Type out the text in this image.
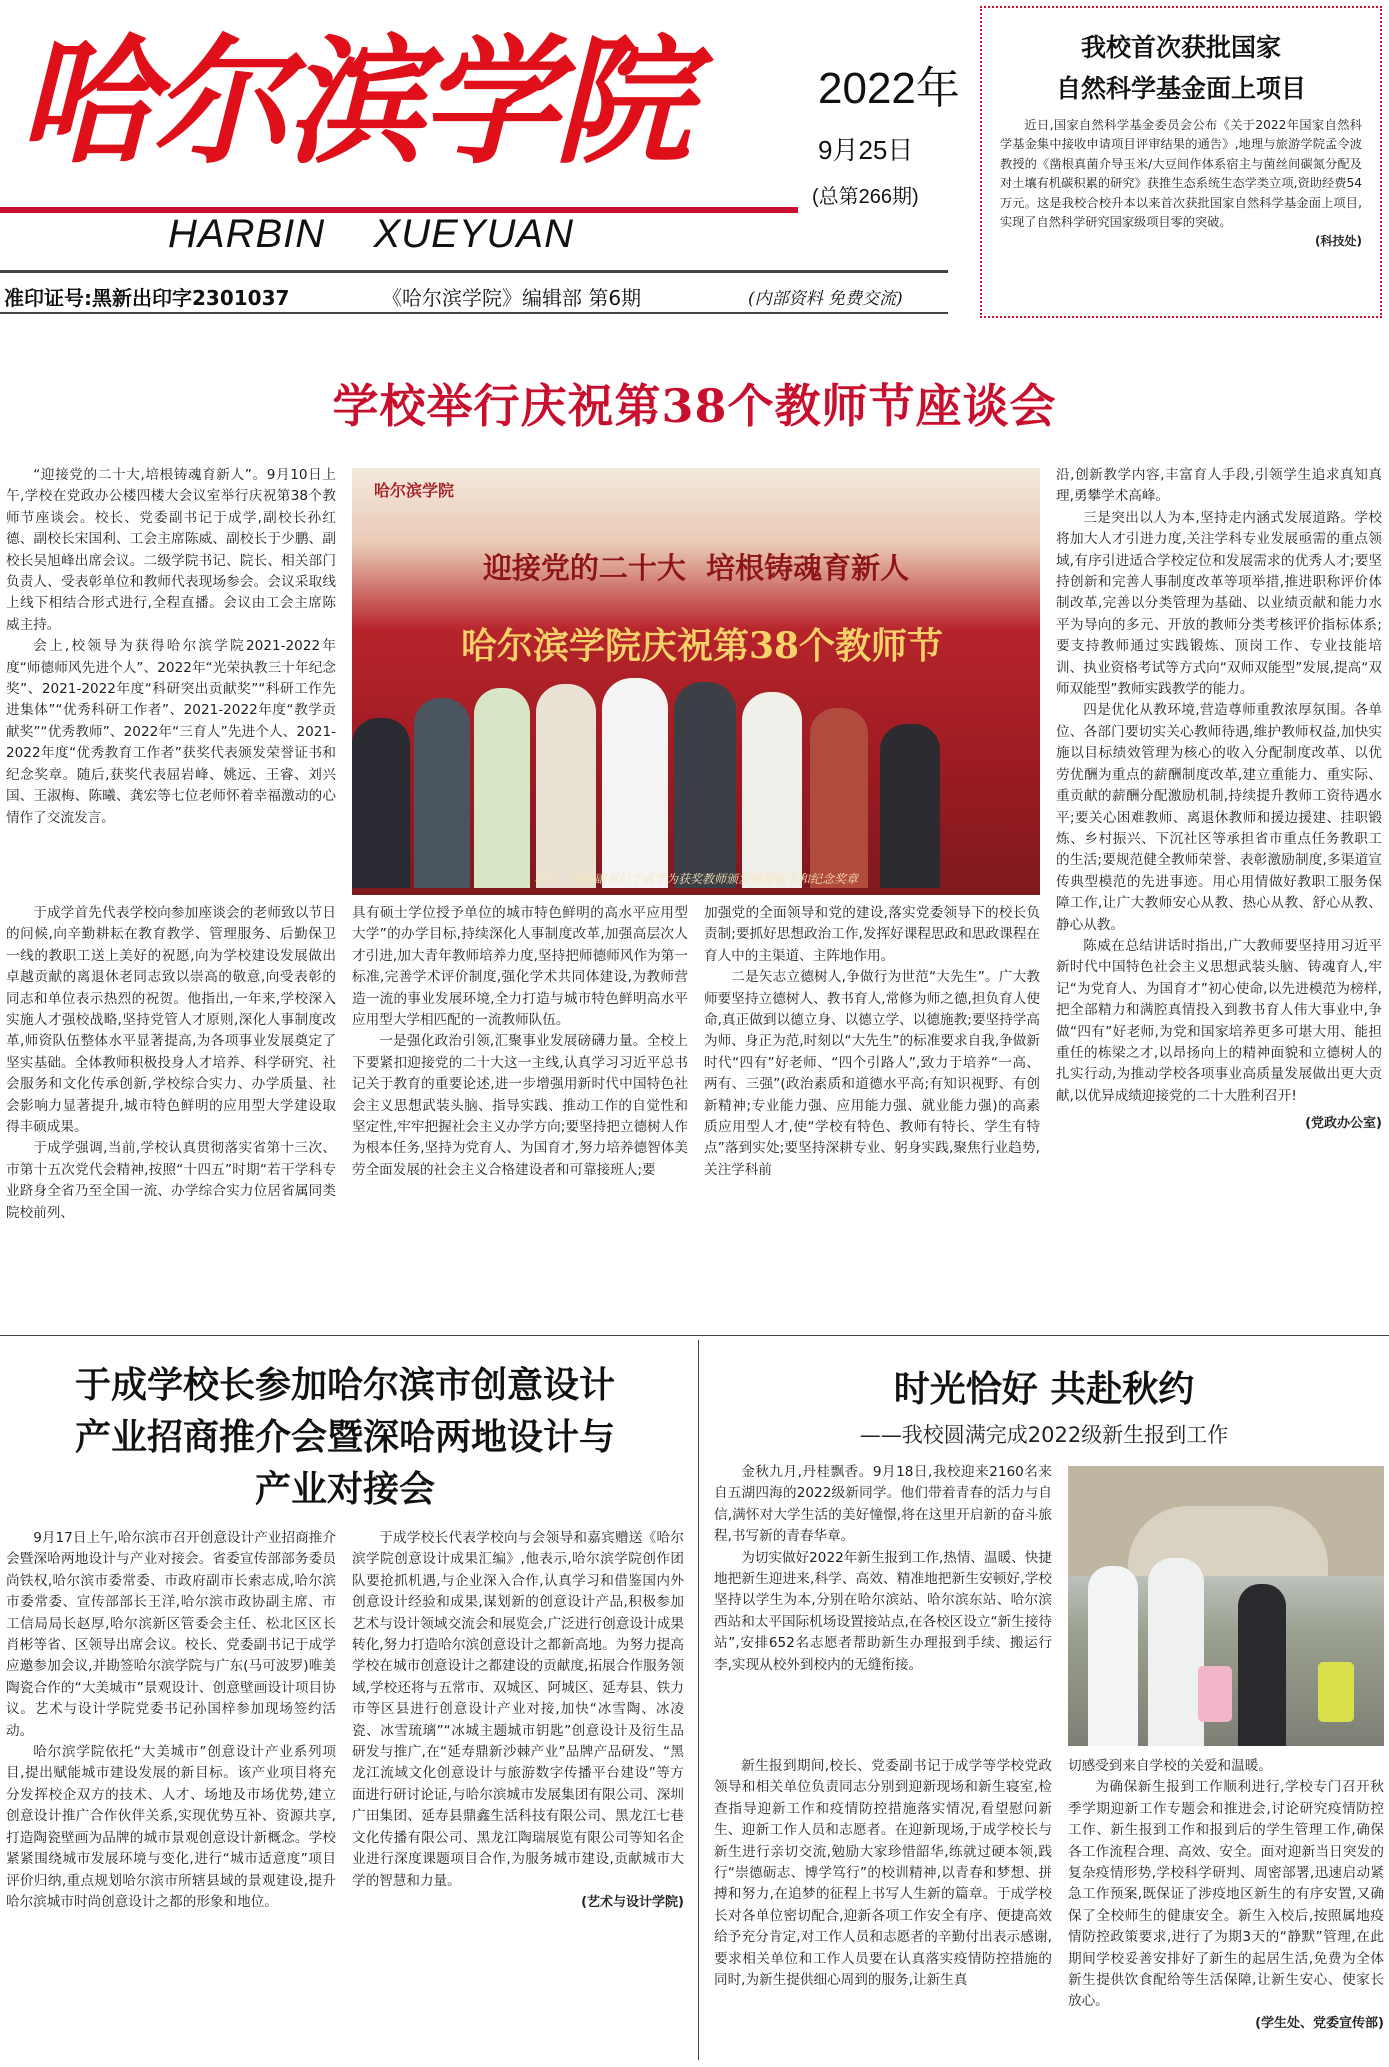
哈尔滨学院	2022年
9月25日
(总第266期)
HARBIN    XUEYUAN
准印证号:黑新出印字2301037	《哈尔滨学院》编辑部 第6期	(内部资料 免费交流)
我校首次获批国家
自然科学基金面上项目

近日,国家自然科学基金委员会公布《关于2022年国家自然科学基金集中接收申请项目评审结果的通告》,地理与旅游学院孟令波教授的《凿根真菌介导玉米/大豆间作体系宿主与菌丝间碳氮分配及对土壤有机碳积累的研究》获推生态系统生态学类立项,资助经费54万元。这是我校合校升本以来首次获批国家自然科学基金面上项目,实现了自然科学研究国家级项目零的突破。

(科技处)
学校举行庆祝第38个教师节座谈会

“迎接党的二十大,培根铸魂育新人”。9月10日上午,学校在党政办公楼四楼大会议室举行庆祝第38个教师节座谈会。校长、党委副书记于成学,副校长孙红德、副校长宋国利、工会主席陈威、副校长于少鹏、副校长吴旭峰出席会议。二级学院书记、院长、相关部门负责人、受表彰单位和教师代表现场参会。会议采取线上线下相结合形式进行,全程直播。会议由工会主席陈威主持。

会上,校领导为获得哈尔滨学院2021-2022年度“师德师风先进个人”、2022年“光荣执教三十年纪念奖”、2021-2022年度“科研突出贡献奖”“科研工作先进集体”“优秀科研工作者”、2021-2022年度“教学贡献奖”“优秀教师”、2022年“三育人”先进个人、2021-2022年度“优秀教育工作者”获奖代表颁发荣誉证书和纪念奖章。随后,获奖代表屈岩峰、姚远、王睿、刘兴国、王淑梅、陈曦、龚宏等七位老师怀着幸福激动的心情作了交流发言。

哈尔滨学院
迎接党的二十大  培根铸魂育新人
哈尔滨学院庆祝第38个教师节
校长、党委副书记于成学为获奖教师颁发荣誉证书和纪念奖章

于成学首先代表学校向参加座谈会的老师致以节日的问候,向辛勤耕耘在教育教学、管理服务、后勤保卫一线的教职工送上美好的祝愿,向为学校建设发展做出卓越贡献的离退休老同志致以崇高的敬意,向受表彰的同志和单位表示热烈的祝贺。他指出,一年来,学校深入实施人才强校战略,坚持党管人才原则,深化人事制度改革,师资队伍整体水平显著提高,为各项事业发展奠定了坚实基础。全体教师积极投身人才培养、科学研究、社会服务和文化传承创新,学校综合实力、办学质量、社会影响力显著提升,城市特色鲜明的应用型大学建设取得丰硕成果。

于成学强调,当前,学校认真贯彻落实省第十三次、市第十五次党代会精神,按照“十四五”时期“若干学科专业跻身全省乃至全国一流、办学综合实力位居省属同类院校前列、

具有硕士学位授予单位的城市特色鲜明的高水平应用型大学”的办学目标,持续深化人事制度改革,加强高层次人才引进,加大青年教师培养力度,坚持把师德师风作为第一标准,完善学术评价制度,强化学术共同体建设,为教师营造一流的事业发展环境,全力打造与城市特色鲜明高水平应用型大学相匹配的一流教师队伍。

一是强化政治引领,汇聚事业发展磅礴力量。全校上下要紧扣迎接党的二十大这一主线,认真学习习近平总书记关于教育的重要论述,进一步增强用新时代中国特色社会主义思想武装头脑、指导实践、推动工作的自觉性和坚定性,牢牢把握社会主义办学方向;要坚持把立德树人作为根本任务,坚持为党育人、为国育才,努力培养德智体美劳全面发展的社会主义合格建设者和可靠接班人;要

加强党的全面领导和党的建设,落实党委领导下的校长负责制;要抓好思想政治工作,发挥好课程思政和思政课程在育人中的主渠道、主阵地作用。

二是矢志立德树人,争做行为世范“大先生”。广大教师要坚持立德树人、教书育人,常修为师之德,担负育人使命,真正做到以德立身、以德立学、以德施教;要坚持学高为师、身正为范,时刻以“大先生”的标准要求自我,争做新时代“四有”好老师、“四个引路人”,致力于培养“一高、两有、三强”(政治素质和道德水平高;有知识视野、有创新精神;专业能力强、应用能力强、就业能力强)的高素质应用型人才,使“学校有特色、教师有特长、学生有特点”落到实处;要坚持深耕专业、躬身实践,聚焦行业趋势,关注学科前

沿,创新教学内容,丰富育人手段,引领学生追求真知真理,勇攀学术高峰。

三是突出以人为本,坚持走内涵式发展道路。学校将加大人才引进力度,关注学科专业发展亟需的重点领域,有序引进适合学校定位和发展需求的优秀人才;要坚持创新和完善人事制度改革等项举措,推进职称评价体制改革,完善以分类管理为基础、以业绩贡献和能力水平为导向的多元、开放的教师分类考核评价指标体系;要支持教师通过实践锻炼、顶岗工作、专业技能培训、执业资格考试等方式向“双师双能型”发展,提高“双师双能型”教师实践教学的能力。

四是优化从教环境,营造尊师重教浓厚氛围。各单位、各部门要切实关心教师待遇,维护教师权益,加快实施以目标绩效管理为核心的收入分配制度改革、以优劳优酬为重点的薪酬制度改革,建立重能力、重实际、重贡献的薪酬分配激励机制,持续提升教师工资待遇水平;要关心困难教师、离退休教师和援边援建、挂职锻炼、乡村振兴、下沉社区等承担省市重点任务教职工的生活;要规范健全教师荣誉、表彰激励制度,多渠道宣传典型模范的先进事迹。用心用情做好教职工服务保障工作,让广大教师安心从教、热心从教、舒心从教、静心从教。

陈威在总结讲话时指出,广大教师要坚持用习近平新时代中国特色社会主义思想武装头脑、铸魂育人,牢记“为党育人、为国育才”初心使命,以先进模范为榜样,把全部精力和满腔真情投入到教书育人伟大事业中,争做“四有”好老师,为党和国家培养更多可堪大用、能担重任的栋梁之才,以昂扬向上的精神面貌和立德树人的扎实行动,为推动学校各项事业高质量发展做出更大贡献,以优异成绩迎接党的二十大胜利召开!

(党政办公室)
于成学校长参加哈尔滨市创意设计
产业招商推介会暨深哈两地设计与
产业对接会

9月17日上午,哈尔滨市召开创意设计产业招商推介会暨深哈两地设计与产业对接会。省委宣传部部务委员尚铁权,哈尔滨市委常委、市政府副市长索志成,哈尔滨市委常委、宣传部部长王洋,哈尔滨市政协副主席、市工信局局长赵厚,哈尔滨新区管委会主任、松北区区长肖彬等省、区领导出席会议。校长、党委副书记于成学应邀参加会议,并勘签哈尔滨学院与广东(马可波罗)唯美陶瓷合作的“大美城市”景观设计、创意壁画设计项目协议。艺术与设计学院党委书记孙国梓参加现场签约活动。

哈尔滨学院依托“大美城市”创意设计产业系列项目,提出赋能城市建设发展的新目标。该产业项目将充分发挥校企双方的技术、人才、场地及市场优势,建立创意设计推广合作伙伴关系,实现优势互补、资源共享,打造陶瓷壁画为品牌的城市景观创意设计新概念。学校紧紧围绕城市发展环境与变化,进行“城市适意度”项目评价归纳,重点规划哈尔滨市所辖县域的景观建设,提升哈尔滨城市时尚创意设计之都的形象和地位。

于成学校长代表学校向与会领导和嘉宾赠送《哈尔滨学院创意设计成果汇编》,他表示,哈尔滨学院创作团队要抢抓机遇,与企业深入合作,认真学习和借鉴国内外创意设计经验和成果,谋划新的创意设计产品,积极参加艺术与设计领域交流会和展览会,广泛进行创意设计成果转化,努力打造哈尔滨创意设计之都新高地。为努力提高学校在城市创意设计之都建设的贡献度,拓展合作服务领域,学校还将与五常市、双城区、阿城区、延寿县、铁力市等区县进行创意设计产业对接,加快“冰雪陶、冰凌瓷、冰雪琉璃”“冰城主题城市钥匙”创意设计及衍生品研发与推广,在“延寿鼎新沙棘产业”品牌产品研发、“黑龙江流域文化创意设计与旅游数字传播平台建设”等方面进行研讨论证,与哈尔滨城市发展集团有限公司、深圳广田集团、延寿县鼎鑫生活科技有限公司、黑龙江七巷文化传播有限公司、黑龙江陶瑞展览有限公司等知名企业进行深度课题项目合作,为服务城市建设,贡献城市大学的智慧和力量。

(艺术与设计学院)
时光恰好 共赴秋约
——我校圆满完成2022级新生报到工作

金秋九月,丹桂飘香。9月18日,我校迎来2160名来自五湖四海的2022级新同学。他们带着青春的活力与自信,满怀对大学生活的美好憧憬,将在这里开启新的奋斗旅程,书写新的青春华章。

为切实做好2022年新生报到工作,热情、温暖、快捷地把新生迎进来,科学、高效、精准地把新生安顿好,学校坚持以学生为本,分别在哈尔滨站、哈尔滨东站、哈尔滨西站和太平国际机场设置接站点,在各校区设立“新生接待站”,安排652名志愿者帮助新生办理报到手续、搬运行李,实现从校外到校内的无缝衔接。

新生报到期间,校长、党委副书记于成学等学校党政领导和相关单位负责同志分别到迎新现场和新生寝室,检查指导迎新工作和疫情防控措施落实情况,看望慰问新生、迎新工作人员和志愿者。在迎新现场,于成学校长与新生进行亲切交流,勉励大家珍惜韶华,练就过硬本领,践行“崇德砺志、博学笃行”的校训精神,以青春和梦想、拼搏和努力,在追梦的征程上书写人生新的篇章。于成学校长对各单位密切配合,迎新各项工作安全有序、便捷高效给予充分肯定,对工作人员和志愿者的辛勤付出表示感谢,要求相关单位和工作人员要在认真落实疫情防控措施的同时,为新生提供细心周到的服务,让新生真

切感受到来自学校的关爱和温暖。

为确保新生报到工作顺利进行,学校专门召开秋季学期迎新工作专题会和推进会,讨论研究疫情防控工作、新生报到工作和报到后的学生管理工作,确保各工作流程合理、高效、安全。面对迎新当日突发的复杂疫情形势,学校科学研判、周密部署,迅速启动紧急工作预案,既保证了涉疫地区新生的有序安置,又确保了全校师生的健康安全。新生入校后,按照属地疫情防控政策要求,进行了为期3天的“静默”管理,在此期间学校妥善安排好了新生的起居生活,免费为全体新生提供饮食配给等生活保障,让新生安心、使家长放心。

(学生处、党委宣传部)
